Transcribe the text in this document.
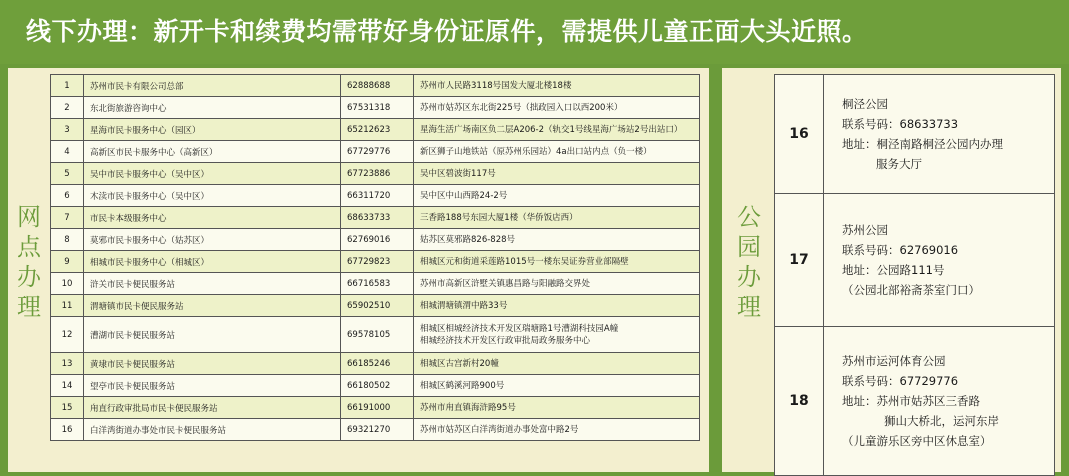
线下办理：新开卡和续费均需带好身份证原件，需提供儿童正面大头近照。
网
点
办
理
1	苏州市民卡有限公司总部	62888688	苏州市人民路3118号国发大厦北楼18楼

2	东北街旅游咨询中心	67531318	苏州市姑苏区东北街225号（拙政园入口以西200米）

3	星海市民卡服务中心（园区）	65212623	星海生活广场南区负二层A206-2（轨交1号线星海广场站2号出站口）

4	高新区市民卡服务中心（高新区）	67729776	新区狮子山地铁站（原苏州乐园站）4a出口站内点（负一楼）

5	吴中市民卡服务中心（吴中区）	67723886	吴中区碧波街117号

6	木渎市民卡服务中心（吴中区）	66311720	吴中区中山西路24-2号

7	市民卡本级服务中心	68633733	三香路188号东园大厦1楼（华侨饭店西）

8	莫邪市民卡服务中心（姑苏区）	62769016	姑苏区莫邪路826-828号

9	相城市民卡服务中心（相城区）	67729823	相城区元和街道采莲路1015号一楼东吴证券营业部隔壁

10	浒关市民卡便民服务站	66716583	苏州市高新区浒墅关镇惠昌路与阳融路交界处

11	渭塘镇市民卡便民服务站	65902510	相城渭塘镇渭中路33号

12	漕湖市民卡便民服务站	69578105	相城区相城经济技术开发区瑞塘路1号漕湖科技园A幢
相城经济技术开发区行政审批局政务服务中心

13	黄埭市民卡便民服务站	66185246	相城区古宫新村20幢

14	望亭市民卡便民服务站	66180502	相城区鹤溪河路900号

15	甪直行政审批局市民卡便民服务站	66191000	苏州市甪直镇海浒路95号

16	白洋湾街道办事处市民卡便民服务站	69321270	苏州市姑苏区白洋湾街道办事处富中路2号
公
园
办
理
16	桐泾公园
联系号码：68633733
地址：桐泾南路桐泾公园内办理
服务大厅

17	苏州公园
联系号码：62769016
地址：公园路111号
（公园北部裕斋茶室门口）

18	苏州市运河体育公园
联系号码：67729776
地址：苏州市姑苏区三香路
狮山大桥北，运河东岸
（儿童游乐区旁中区休息室）
